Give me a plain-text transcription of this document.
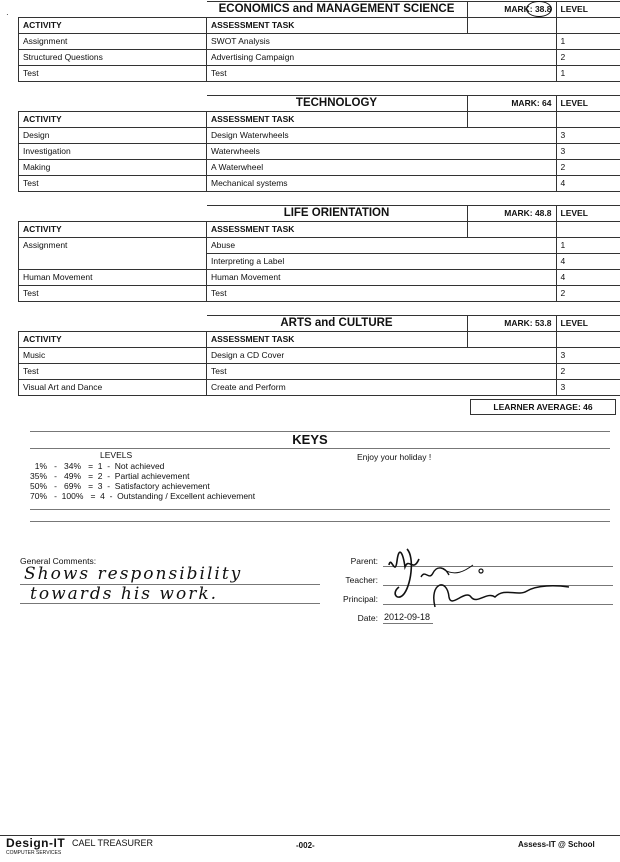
·
		ECONOMICS and MANAGEMENT SCIENCE	MARK: 38.8	LEVEL
ACTIVITY	ASSESSMENT TASK		
Assignment	SWOT Analysis		1
Structured Questions	Advertising Campaign		2
Test	Test		1
	TECHNOLOGY	MARK: 64	LEVEL
ACTIVITY	ASSESSMENT TASK		
Design	Design Waterwheels		3
Investigation	Waterwheels		3
Making	A Waterwheel		2
Test	Mechanical systems		4
	LIFE ORIENTATION	MARK: 48.8	LEVEL
ACTIVITY	ASSESSMENT TASK		
Assignment	Abuse		1
	Interpreting a Label		4
Human Movement	Human Movement		4
Test	Test		2
	ARTS and CULTURE	MARK: 53.8	LEVEL
ACTIVITY	ASSESSMENT TASK		
Music	Design a CD Cover		3
Test	Test		2
Visual Art and Dance	Create and Perform		3
LEARNER AVERAGE: 46
KEYS
LEVELS	Enjoy your holiday !
1%   -   34%   =  1  -  Not achieved
35%   -   49%   =  2  -  Partial achievement
50%   -   69%   =  3  -  Satisfactory achievement
70%   -  100%   =  4  -  Outstanding / Excellent achievement
General Comments:
Shows responsibility
towards his work.
Parent:
Teacher:
Principal:
Date: 2012-09-18
Design-IT
COMPUTER SERVICES
CAEL TREASURER	-002-	Assess-IT @ School
